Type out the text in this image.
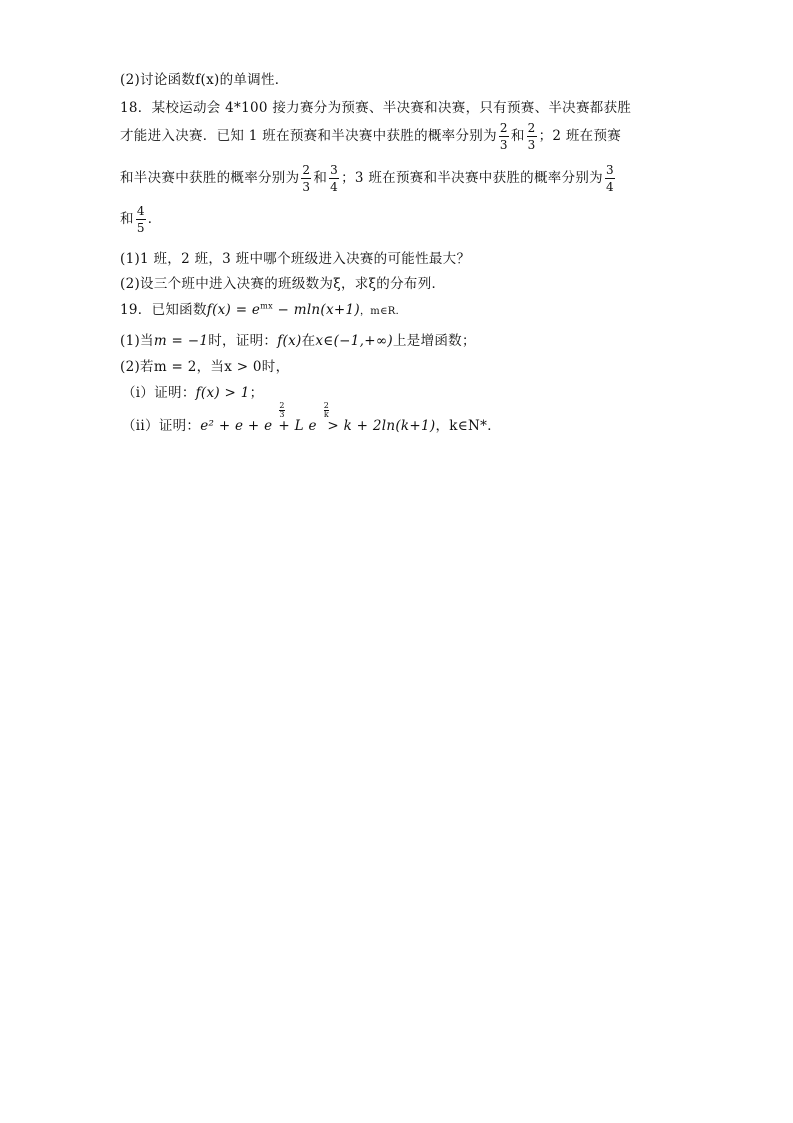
(2)讨论函数f(x)的单调性．
18．某校运动会 4*100 接力赛分为预赛、半决赛和决赛，只有预赛、半决赛都获胜
才能进入决赛．已知 1 班在预赛和半决赛中获胜的概率分别为 $\frac{2}{3}$ 和 $\frac{2}{3}$ ；2 班在预赛
和半决赛中获胜的概率分别为 $\frac{2}{3}$ 和 $\frac{3}{4}$ ；3 班在预赛和半决赛中获胜的概率分别为 $\frac{3}{4}$
和 $\frac{4}{5}$ ．
(1)1 班，2 班，3 班中哪个班级进入决赛的可能性最大？
(2)设三个班中进入决赛的班级数为ξ，求ξ的分布列．
19．已知函数$f(x) = e^{mx} - mln(x+1)$，m∈R．
(1)当m = −1时，证明：f(x)在x∈(−1,+∞)上是增函数；
(2)若m = 2，当x > 0时，
（i）证明：f(x) > 1；
（ii）证明：e² + e + e
2
3
+ L e
2
k
> k + 2ln(k+1)，k∈N*．
